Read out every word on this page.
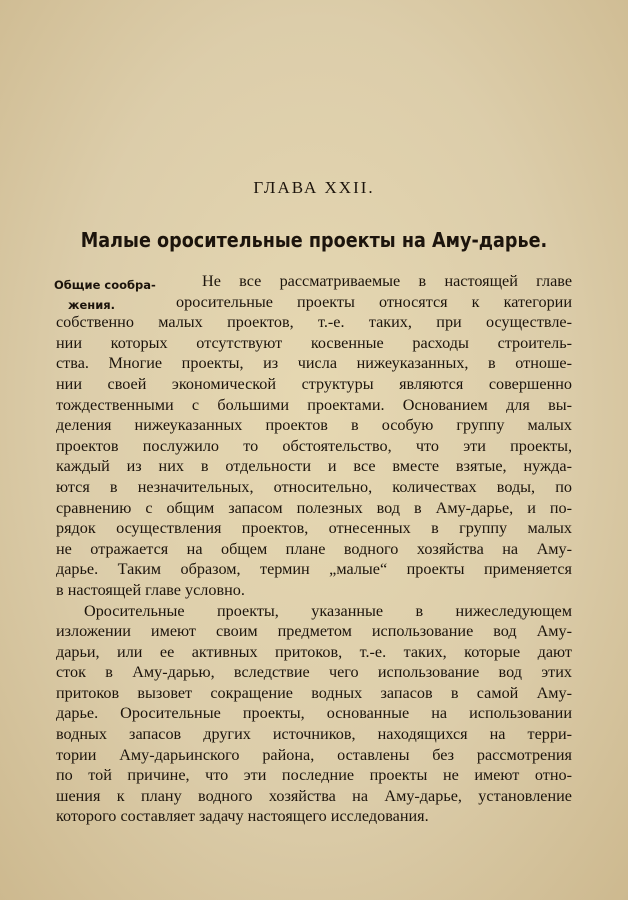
ГЛАВА XXII.
Малые оросительные проекты на Аму-дарье.
Общие сообра-
жения.
Не все рассматриваемые в настоящей главе
оросительные проекты относятся к категории
собственно малых проектов, т.-е. таких, при осуществле-
нии которых отсутствуют косвенные расходы строитель-
ства. Многие проекты, из числа нижеуказанных, в отноше-
нии своей экономической структуры являются совершенно
тождественными с большими проектами. Основанием для вы-
деления нижеуказанных проектов в особую группу малых
проектов послужило то обстоятельство, что эти проекты,
каждый из них в отдельности и все вместе взятые, нужда-
ются в незначительных, относительно, количествах воды, по
сравнению с общим запасом полезных вод в Аму-дарье, и по-
рядок осуществления проектов, отнесенных в группу малых
не отражается на общем плане водного хозяйства на Аму-
дарье. Таким образом, термин „малые“ проекты применяется
в настоящей главе условно.
Оросительные проекты, указанные в нижеследующем
изложении имеют своим предметом использование вод Аму-
дарьи, или ее активных притоков, т.-е. таких, которые дают
сток в Аму-дарью, вследствие чего использование вод этих
притоков вызовет сокращение водных запасов в самой Аму-
дарье. Оросительные проекты, основанные на использовании
водных запасов других источников, находящихся на терри-
тории Аму-дарьинского района, оставлены без рассмотрения
по той причине, что эти последние проекты не имеют отно-
шения к плану водного хозяйства на Аму-дарье, установление
которого составляет задачу настоящего исследования.
